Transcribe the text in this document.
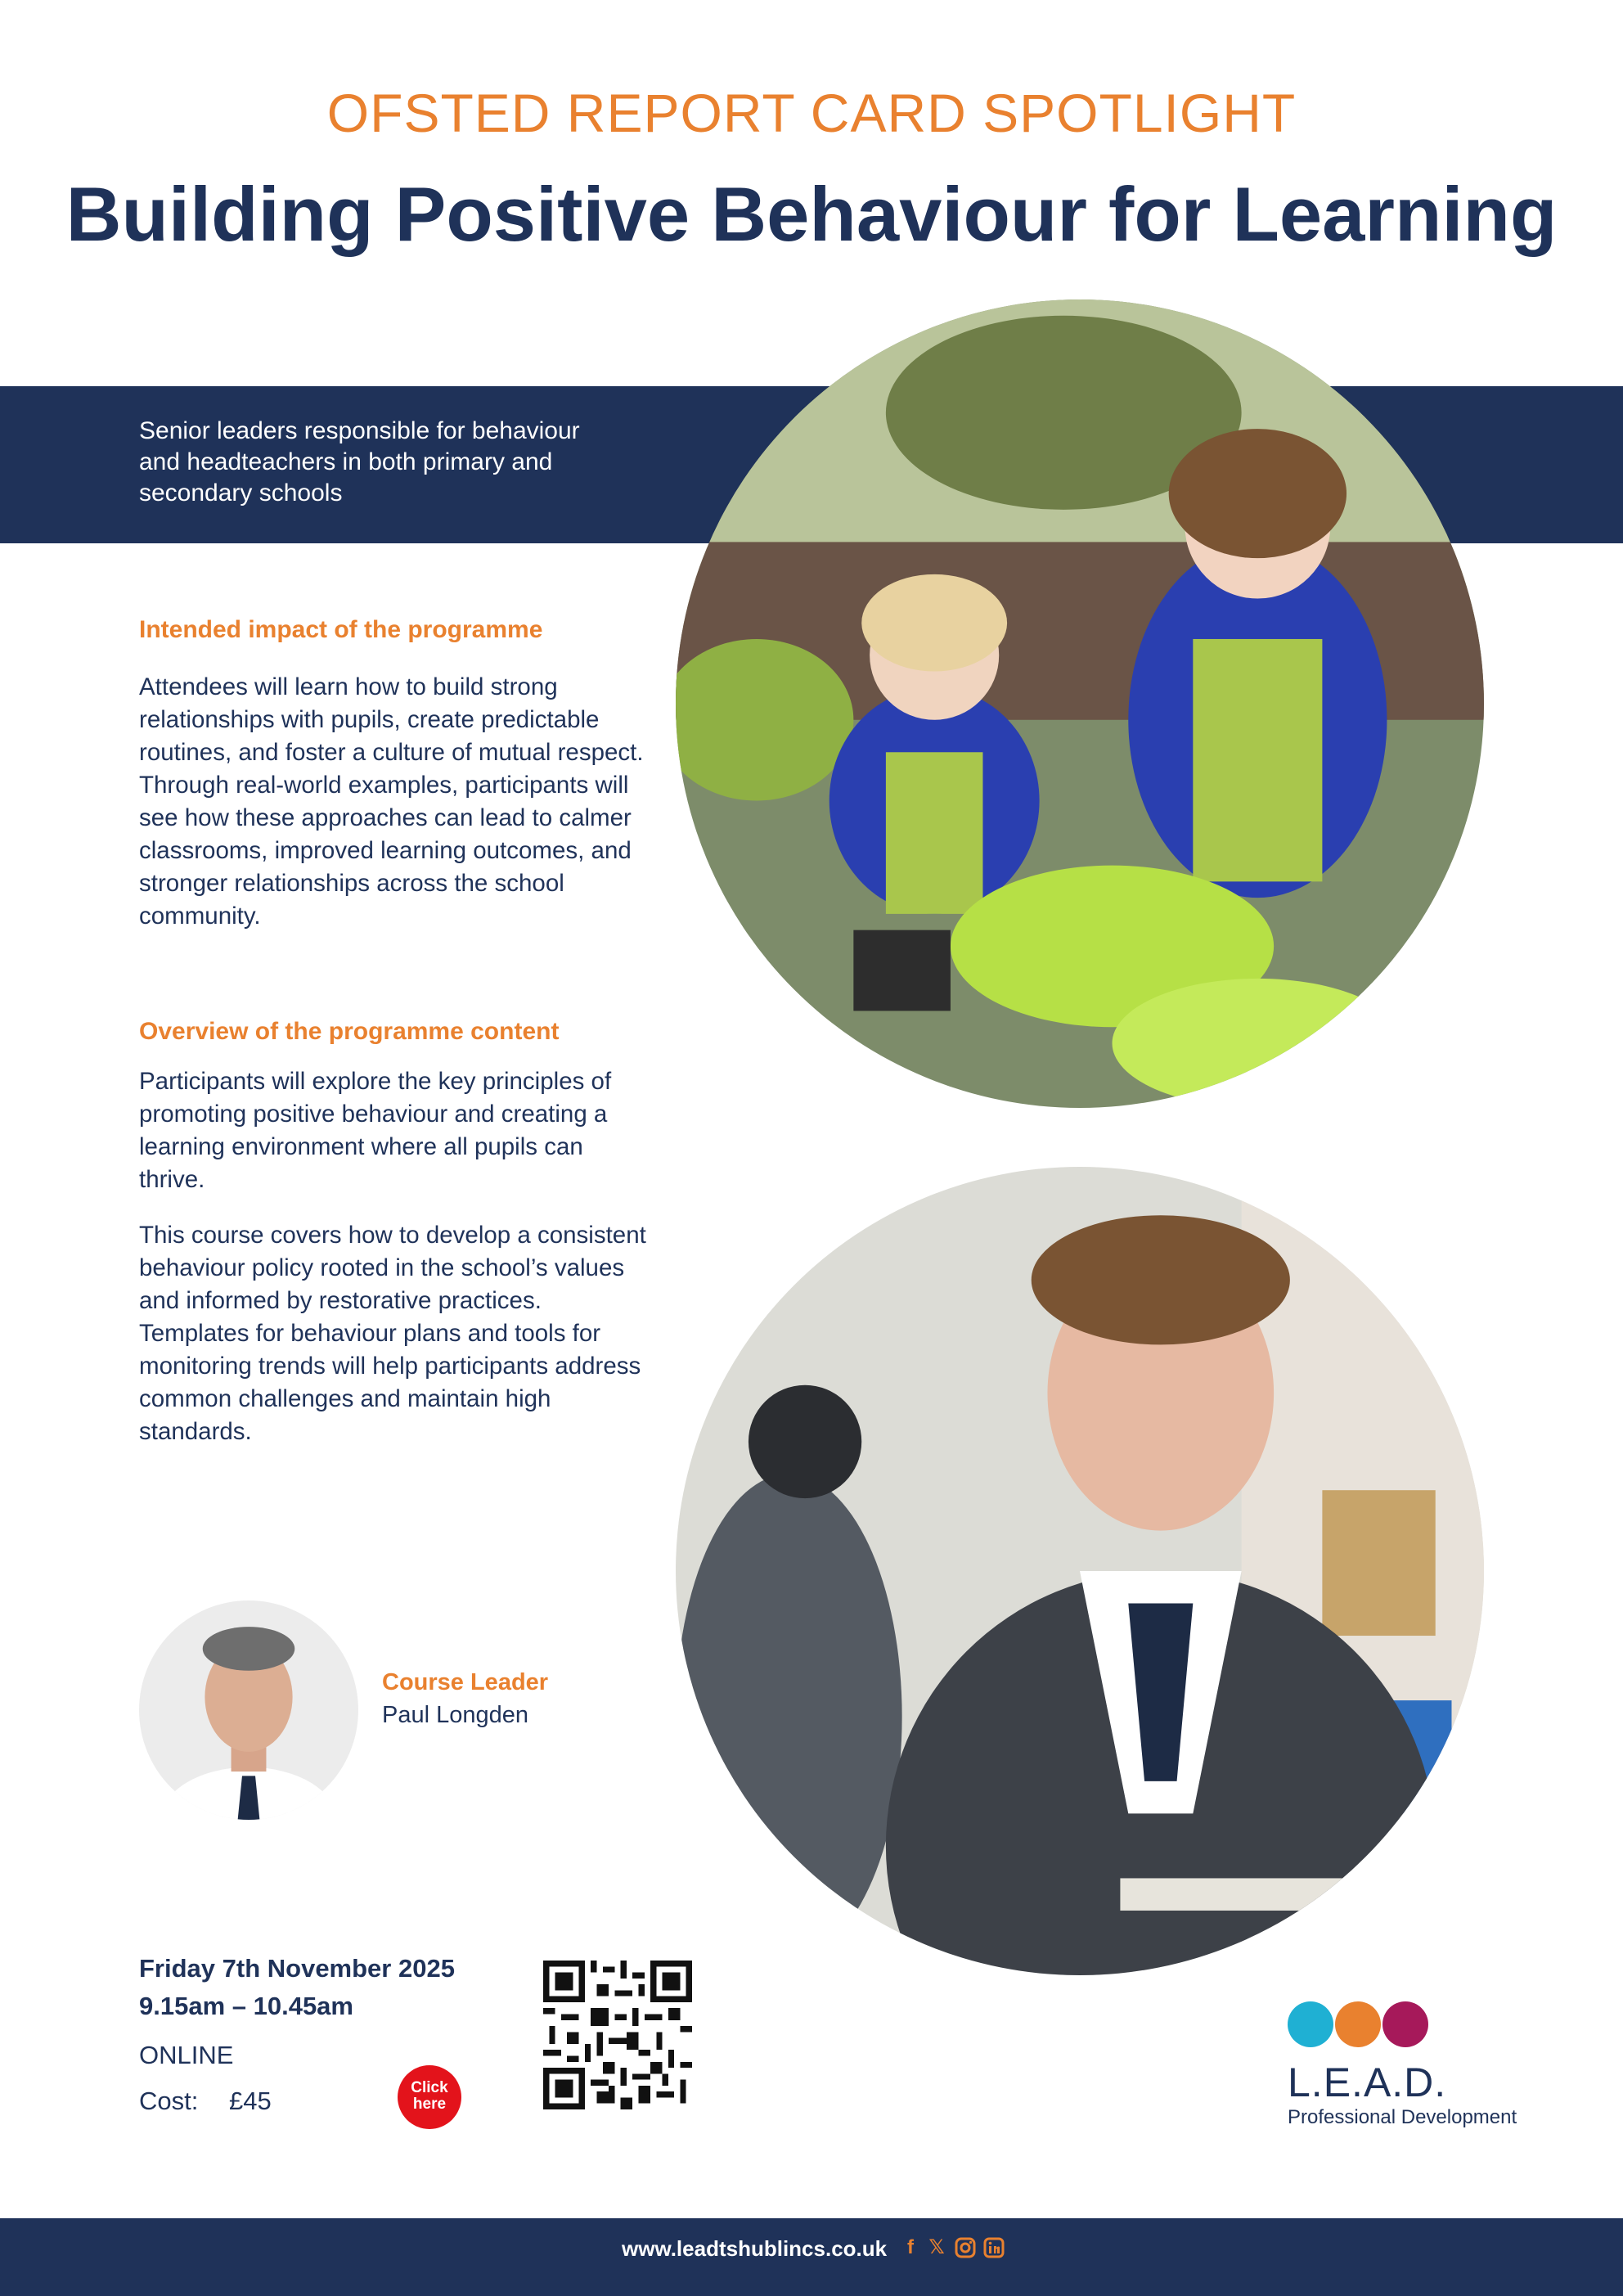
OFSTED REPORT CARD SPOTLIGHT
Building Positive Behaviour for Learning
Senior leaders responsible for behaviour and headteachers in both primary and secondary schools
Intended impact of the programme
Attendees will learn how to build strong relationships with pupils, create predictable routines, and foster a culture of mutual respect. Through real-world examples, participants will see how these approaches can lead to calmer classrooms, improved learning outcomes, and stronger relationships across the school community.
Overview of the programme content
Participants will explore the key principles of promoting positive behaviour and creating a learning environment where all pupils can thrive.
This course covers how to develop a consistent behaviour policy rooted in the school’s values and informed by restorative practices. Templates for behaviour plans and tools for monitoring trends will help participants address common challenges and maintain high standards.
Course Leader
Paul Longden
Friday 7th November 2025
9.15am – 10.45am
ONLINE
Cost: £45	Click
here	L.E.A.D.
Professional Development
www.leadtshublincs.co.uk	f 𝕏
